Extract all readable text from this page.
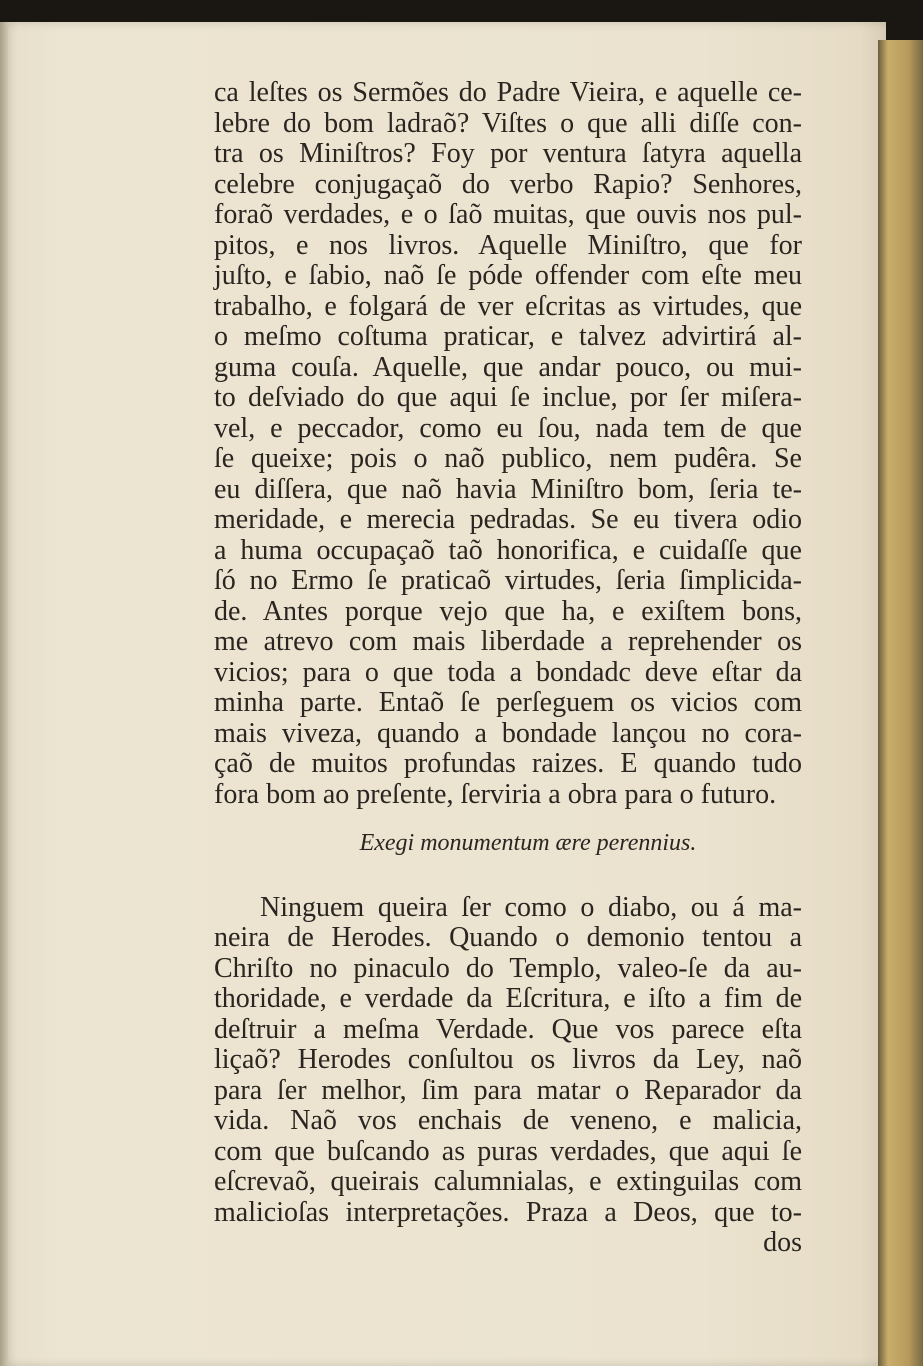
ca leſtes os Sermões do Padre Vieira, e aquelle ce-
lebre do bom ladraõ? Viſtes o que alli diſſe con-
tra os Miniſtros? Foy por ventura ſatyra aquella
celebre conjugaçaõ do verbo Rapio? Senhores,
foraõ verdades, e o ſaõ muitas, que ouvis nos pul-
pitos, e nos livros. Aquelle Miniſtro, que for
juſto, e ſabio, naõ ſe póde offender com eſte meu
trabalho, e folgará de ver eſcritas as virtudes, que
o meſmo coſtuma praticar, e talvez advirtirá al-
guma couſa. Aquelle, que andar pouco, ou mui-
to deſviado do que aqui ſe inclue, por ſer miſera-
vel, e peccador, como eu ſou, nada tem de que
ſe queixe; pois o naõ publico, nem pudêra. Se
eu diſſera, que naõ havia Miniſtro bom, ſeria te-
meridade, e merecia pedradas. Se eu tivera odio
a huma occupaçaõ taõ honorifica, e cuidaſſe que
ſó no Ermo ſe praticaõ virtudes, ſeria ſimplicida-
de. Antes porque vejo que ha, e exiſtem bons,
me atrevo com mais liberdade a reprehender os
vicios; para o que toda a bondadc deve eſtar da
minha parte. Entaõ ſe perſeguem os vicios com
mais viveza, quando a bondade lançou no cora-
çaõ de muitos profundas raizes. E quando tudo
fora bom ao preſente, ſerviria a obra para o futuro.
Exegi monumentum ære perennius.
Ninguem queira ſer como o diabo, ou á ma-
neira de Herodes. Quando o demonio tentou a
Chriſto no pinaculo do Templo, valeo-ſe da au-
thoridade, e verdade da Eſcritura, e iſto a fim de
deſtruir a meſma Verdade. Que vos parece eſta
liçaõ? Herodes conſultou os livros da Ley, naõ
para ſer melhor, ſim para matar o Reparador da
vida. Naõ vos enchais de veneno, e malicia,
com que buſcando as puras verdades, que aqui ſe
eſcrevaõ, queirais calumnialas, e extinguilas com
malicioſas interpretações. Praza a Deos, que to-
dos
